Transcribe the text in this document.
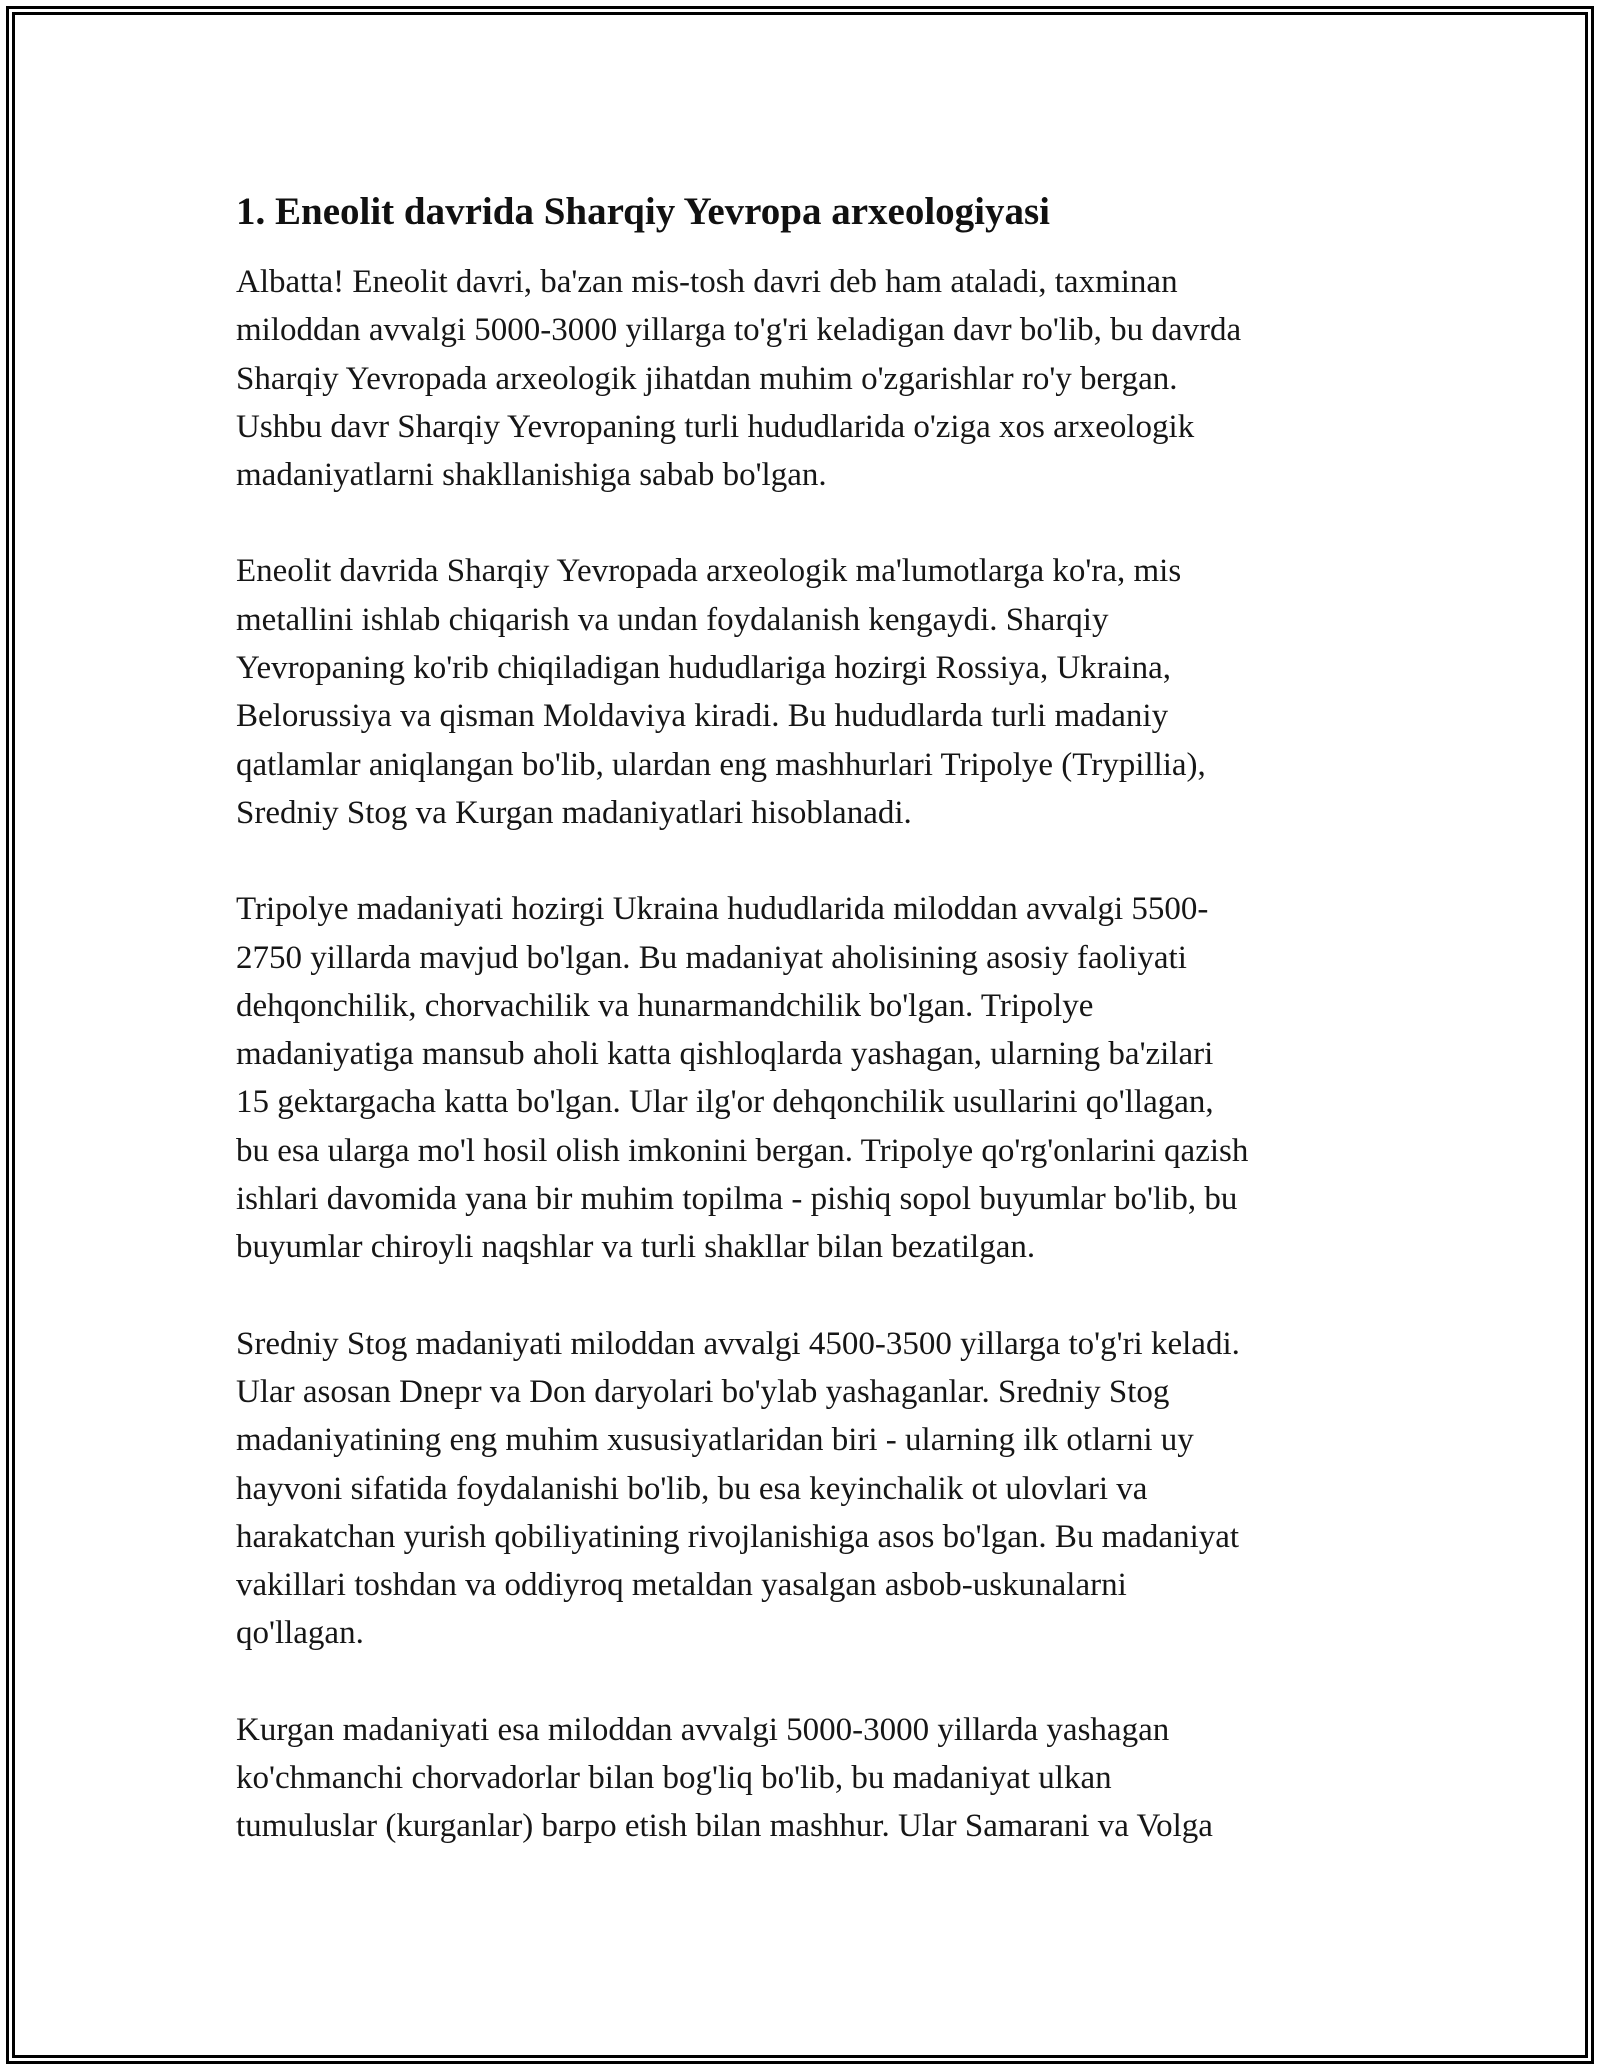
1. Eneolit davrida Sharqiy Yevropa arxeologiyasi
Albatta! Eneolit davri, ba'zan mis-tosh davri deb ham ataladi, taxminan
miloddan avvalgi 5000-3000 yillarga to'g'ri keladigan davr bo'lib, bu davrda
Sharqiy Yevropada arxeologik jihatdan muhim o'zgarishlar ro'y bergan.
Ushbu davr Sharqiy Yevropaning turli hududlarida o'ziga xos arxeologik
madaniyatlarni shakllanishiga sabab bo'lgan.
Eneolit davrida Sharqiy Yevropada arxeologik ma'lumotlarga ko'ra, mis
metallini ishlab chiqarish va undan foydalanish kengaydi. Sharqiy
Yevropaning ko'rib chiqiladigan hududlariga hozirgi Rossiya, Ukraina,
Belorussiya va qisman Moldaviya kiradi. Bu hududlarda turli madaniy
qatlamlar aniqlangan bo'lib, ulardan eng mashhurlari Tripolye (Trypillia),
Sredniy Stog va Kurgan madaniyatlari hisoblanadi.
Tripolye madaniyati hozirgi Ukraina hududlarida miloddan avvalgi 5500-
2750 yillarda mavjud bo'lgan. Bu madaniyat aholisining asosiy faoliyati
dehqonchilik, chorvachilik va hunarmandchilik bo'lgan. Tripolye
madaniyatiga mansub aholi katta qishloqlarda yashagan, ularning ba'zilari
15 gektargacha katta bo'lgan. Ular ilg'or dehqonchilik usullarini qo'llagan,
bu esa ularga mo'l hosil olish imkonini bergan. Tripolye qo'rg'onlarini qazish
ishlari davomida yana bir muhim topilma - pishiq sopol buyumlar bo'lib, bu
buyumlar chiroyli naqshlar va turli shakllar bilan bezatilgan.
Sredniy Stog madaniyati miloddan avvalgi 4500-3500 yillarga to'g'ri keladi.
Ular asosan Dnepr va Don daryolari bo'ylab yashaganlar. Sredniy Stog
madaniyatining eng muhim xususiyatlaridan biri - ularning ilk otlarni uy
hayvoni sifatida foydalanishi bo'lib, bu esa keyinchalik ot ulovlari va
harakatchan yurish qobiliyatining rivojlanishiga asos bo'lgan. Bu madaniyat
vakillari toshdan va oddiyroq metaldan yasalgan asbob-uskunalarni
qo'llagan.
Kurgan madaniyati esa miloddan avvalgi 5000-3000 yillarda yashagan
ko'chmanchi chorvadorlar bilan bog'liq bo'lib, bu madaniyat ulkan
tumuluslar (kurganlar) barpo etish bilan mashhur. Ular Samarani va Volga
